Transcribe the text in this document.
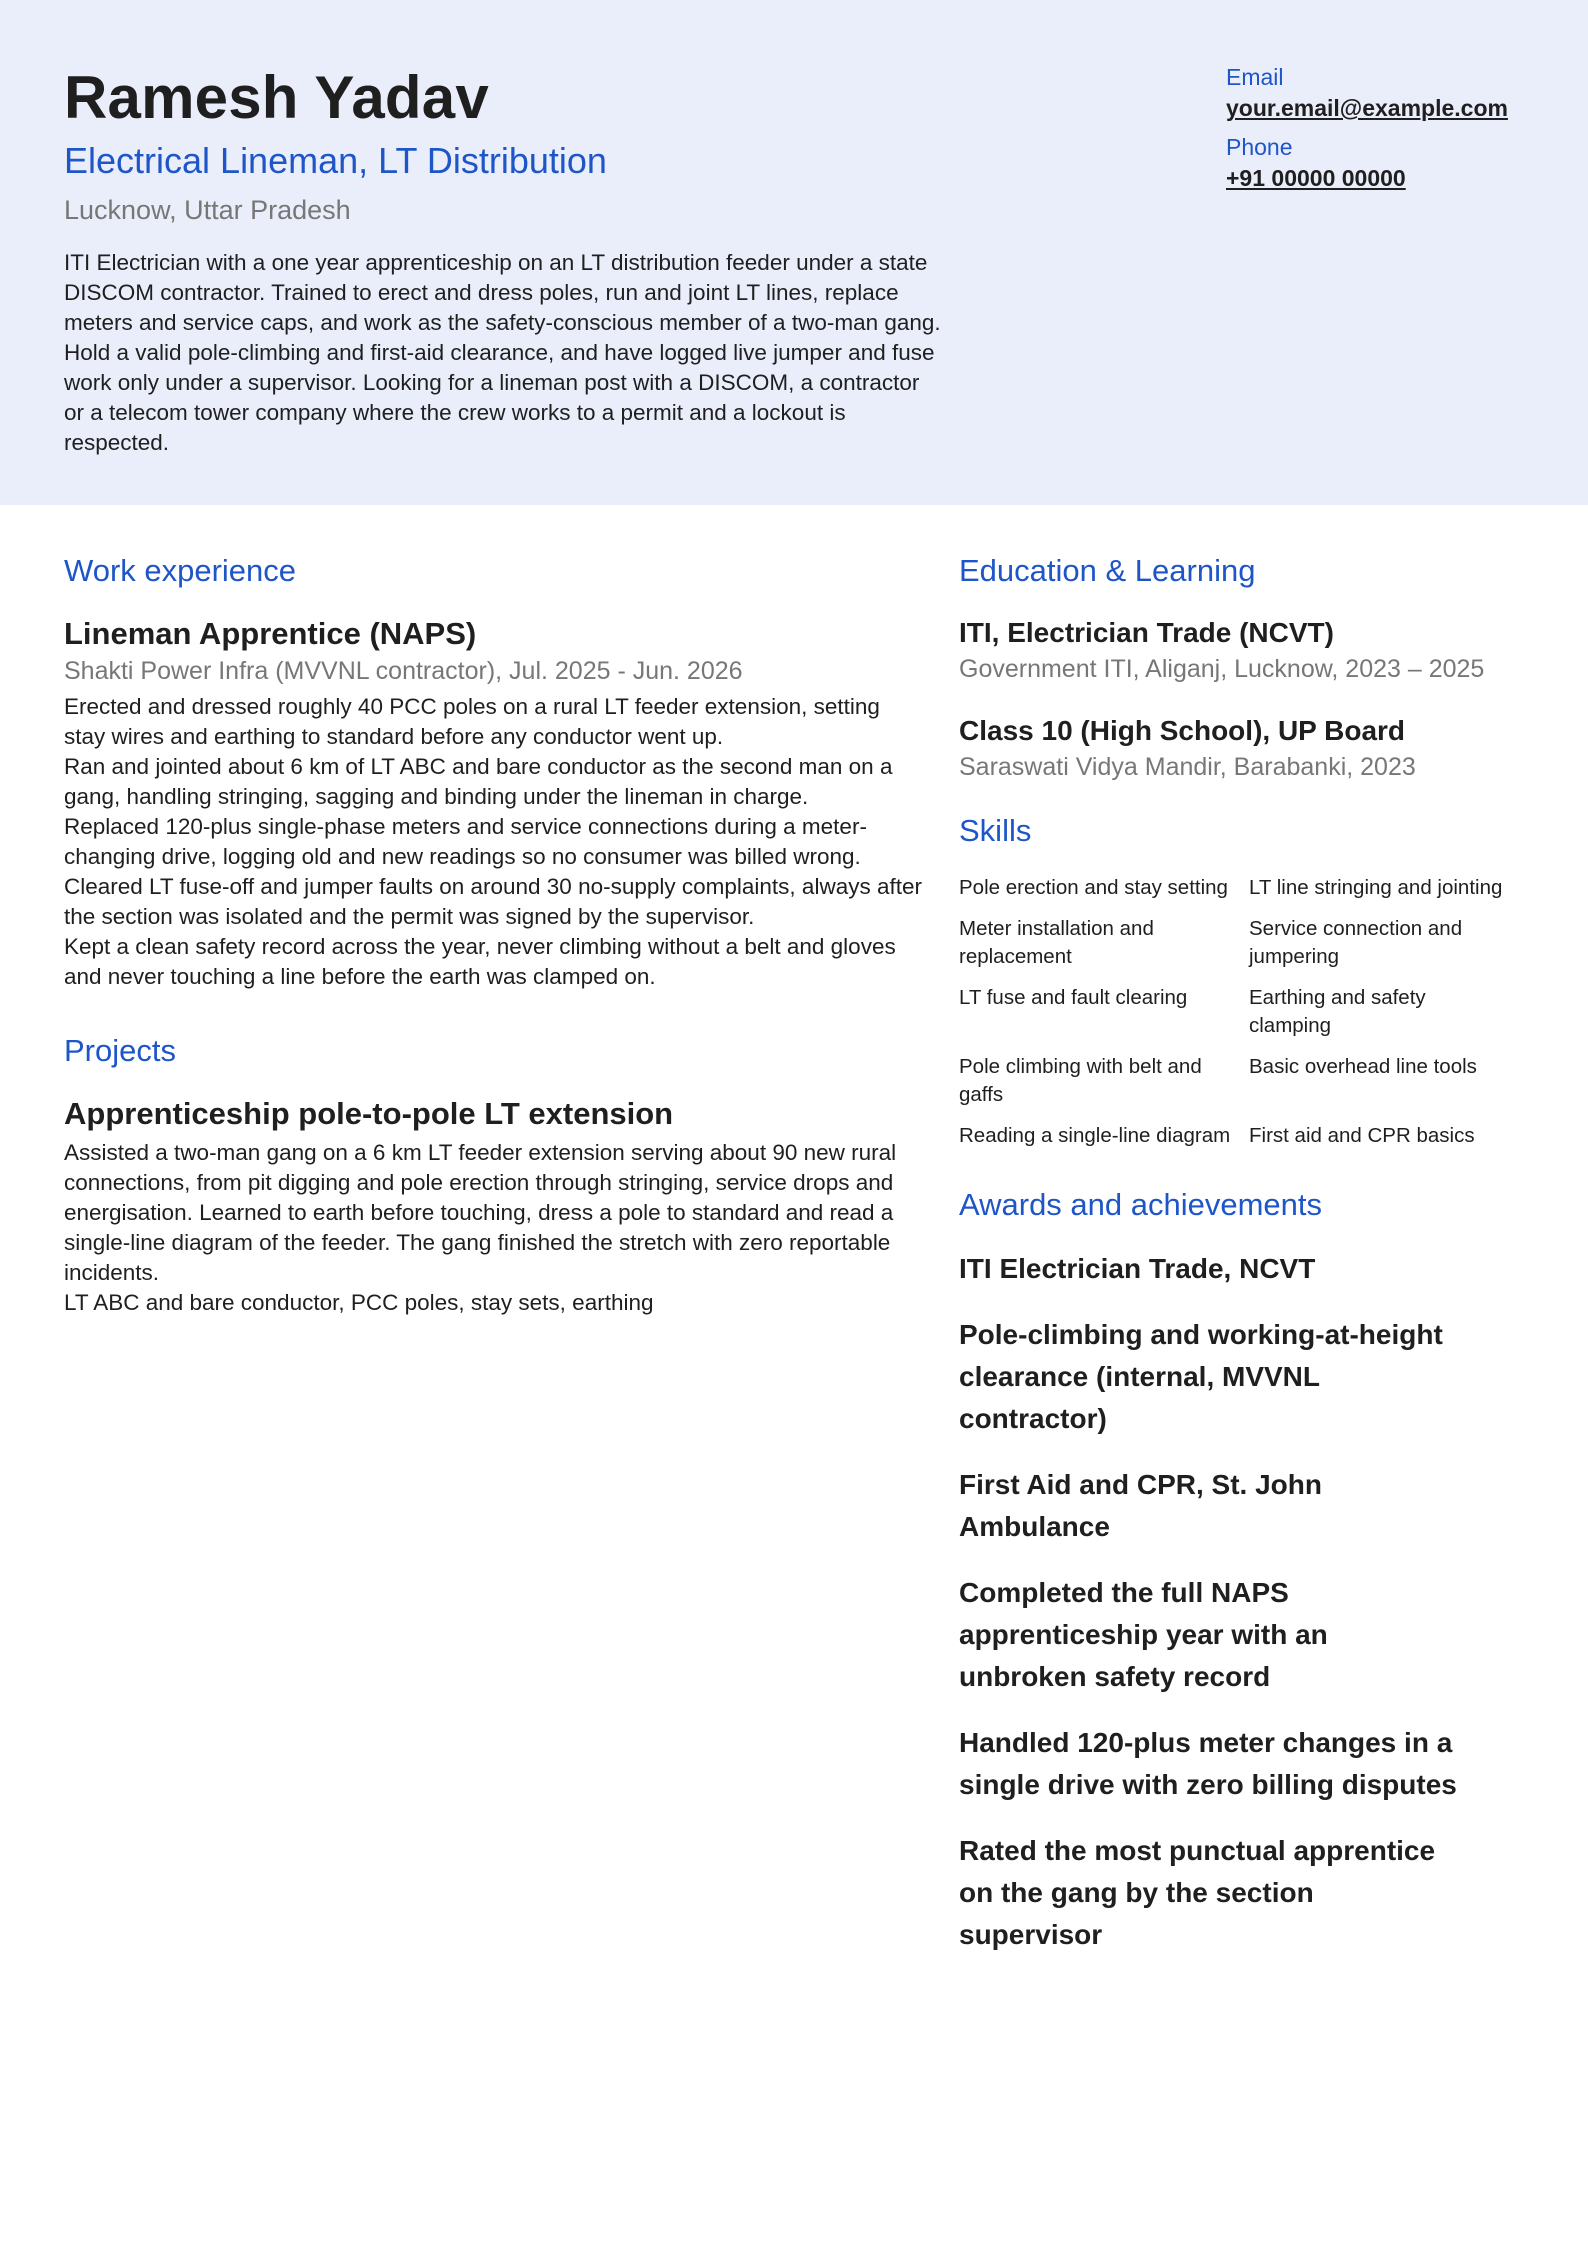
Ramesh Yadav
Electrical Lineman, LT Distribution
Lucknow, Uttar Pradesh
ITI Electrician with a one year apprenticeship on an LT distribution feeder under a state DISCOM contractor. Trained to erect and dress poles, run and joint LT lines, replace meters and service caps, and work as the safety-conscious member of a two-man gang. Hold a valid pole-climbing and first-aid clearance, and have logged live jumper and fuse work only under a supervisor. Looking for a lineman post with a DISCOM, a contractor or a telecom tower company where the crew works to a permit and a lockout is respected.

Email

your.email@example.com

Phone

+91 00000 00000
Work experience

Lineman Apprentice (NAPS)

Shakti Power Infra (MVVNL contractor), Jul. 2025 - Jun. 2026

Erected and dressed roughly 40 PCC poles on a rural LT feeder extension, setting stay wires and earthing to standard before any conductor went up.
Ran and jointed about 6 km of LT ABC and bare conductor as the second man on a gang, handling stringing, sagging and binding under the lineman in charge.
Replaced 120-plus single-phase meters and service connections during a meter-changing drive, logging old and new readings so no consumer was billed wrong.
Cleared LT fuse-off and jumper faults on around 30 no-supply complaints, always after the section was isolated and the permit was signed by the supervisor.
Kept a clean safety record across the year, never climbing without a belt and gloves and never touching a line before the earth was clamped on.
Projects

Apprenticeship pole-to-pole LT extension

Assisted a two-man gang on a 6 km LT feeder extension serving about 90 new rural connections, from pit digging and pole erection through stringing, service drops and energisation. Learned to earth before touching, dress a pole to standard and read a single-line diagram of the feeder. The gang finished the stretch with zero reportable incidents.

LT ABC and bare conductor, PCC poles, stay sets, earthing

Education & Learning

ITI, Electrician Trade (NCVT)

Government ITI, Aliganj, Lucknow, 2023 – 2025

Class 10 (High School), UP Board

Saraswati Vidya Mandir, Barabanki, 2023

Skills
Pole erection and stay setting	LT line stringing and jointing
Meter installation and replacement
Service connection and jumpering
LT fuse and fault clearing	Earthing and safety clamping
Pole climbing with belt and gaffs
Basic overhead line tools
Reading a single-line diagram First aid and CPR basics
Awards and achievements

ITI Electrician Trade, NCVT

Pole-climbing and working-at-height clearance (internal, MVVNL contractor)

First Aid and CPR, St. John Ambulance

Completed the full NAPS apprenticeship year with an unbroken safety record

Handled 120-plus meter changes in a single drive with zero billing disputes

Rated the most punctual apprentice on the gang by the section supervisor
